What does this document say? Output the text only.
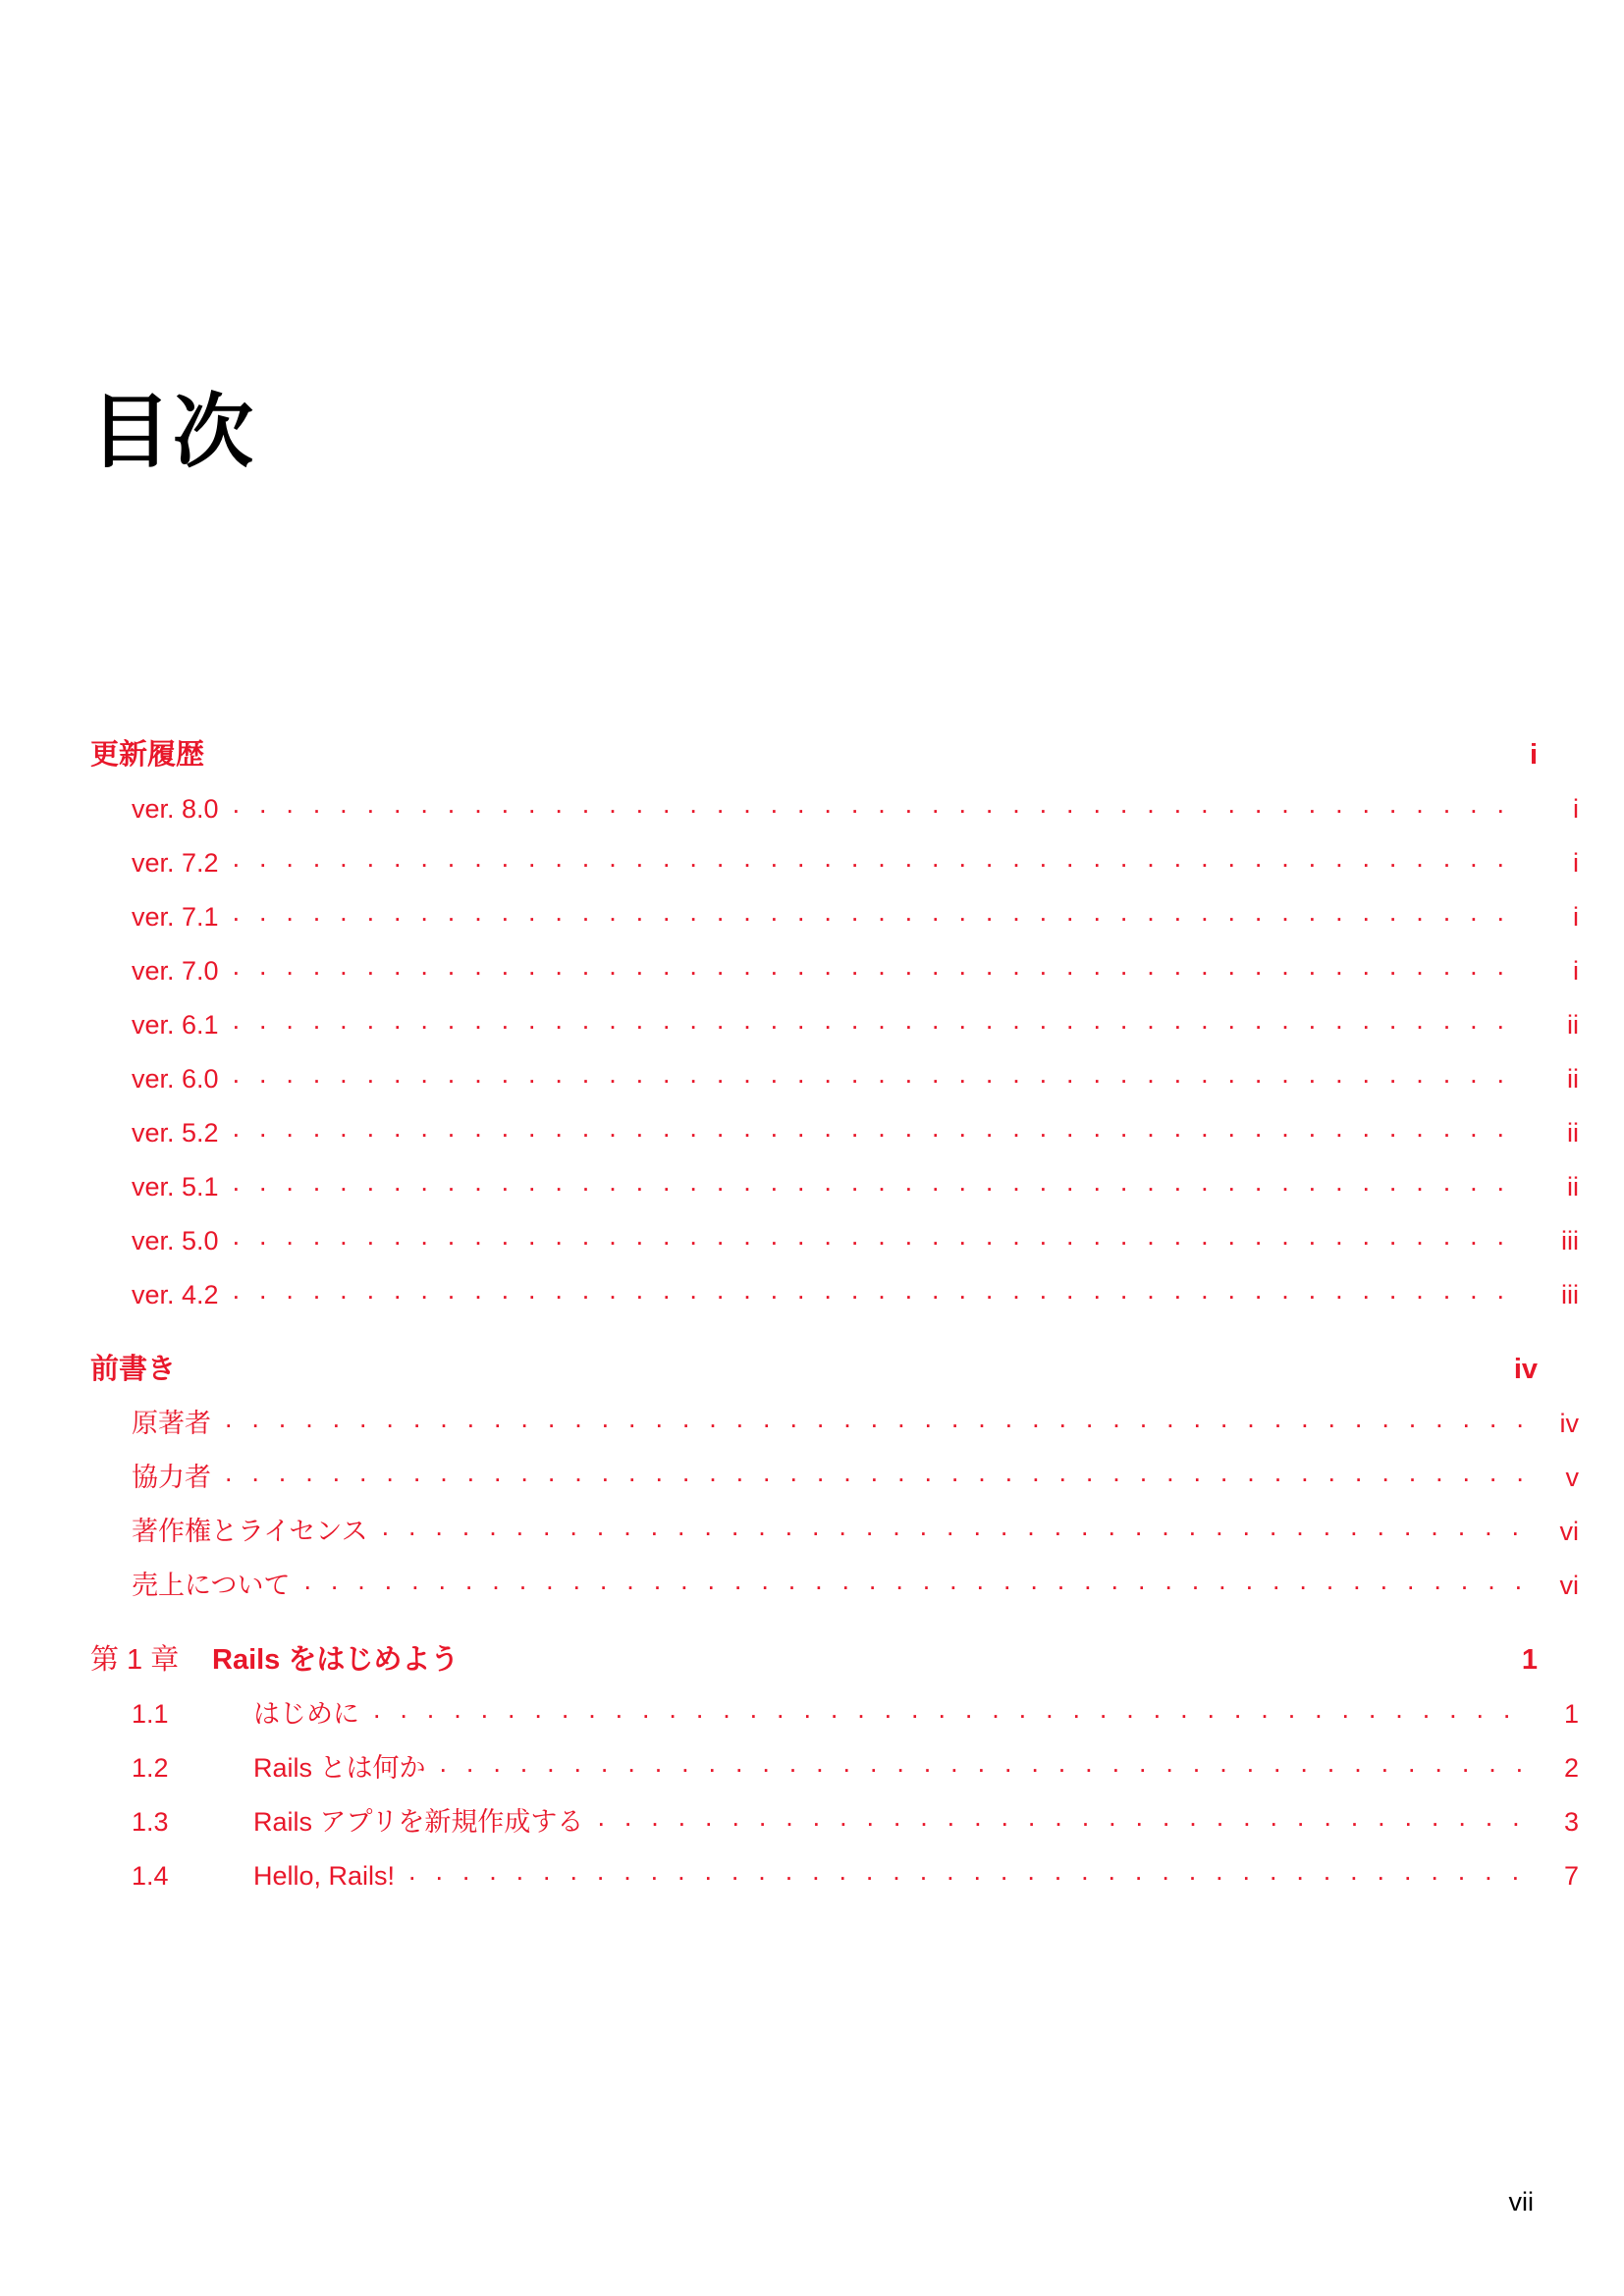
目次
更新履歴	i
ver. 8.0 . . .	i
ver. 7.2 . . .	i
ver. 7.1 . . .	i
ver. 7.0 . . .	i
ver. 6.1 . . .	ii
ver. 6.0 . . .	ii
ver. 5.2 . . .	ii
ver. 5.1 . . .	ii
ver. 5.0 . . .	iii
ver. 4.2 . . .	iii
前書き	iv
原著者 . . .	iv
協力者 . . .	v
著作権とライセンス . . .	vi
売上について . . .	vi
第 1 章	Rails をはじめよう	1
1.1	はじめに . . .	1
1.2	Rails とは何か . . .	2
1.3	Rails アプリを新規作成する . . .	3
1.4	Hello, Rails! . . .	7
vii
